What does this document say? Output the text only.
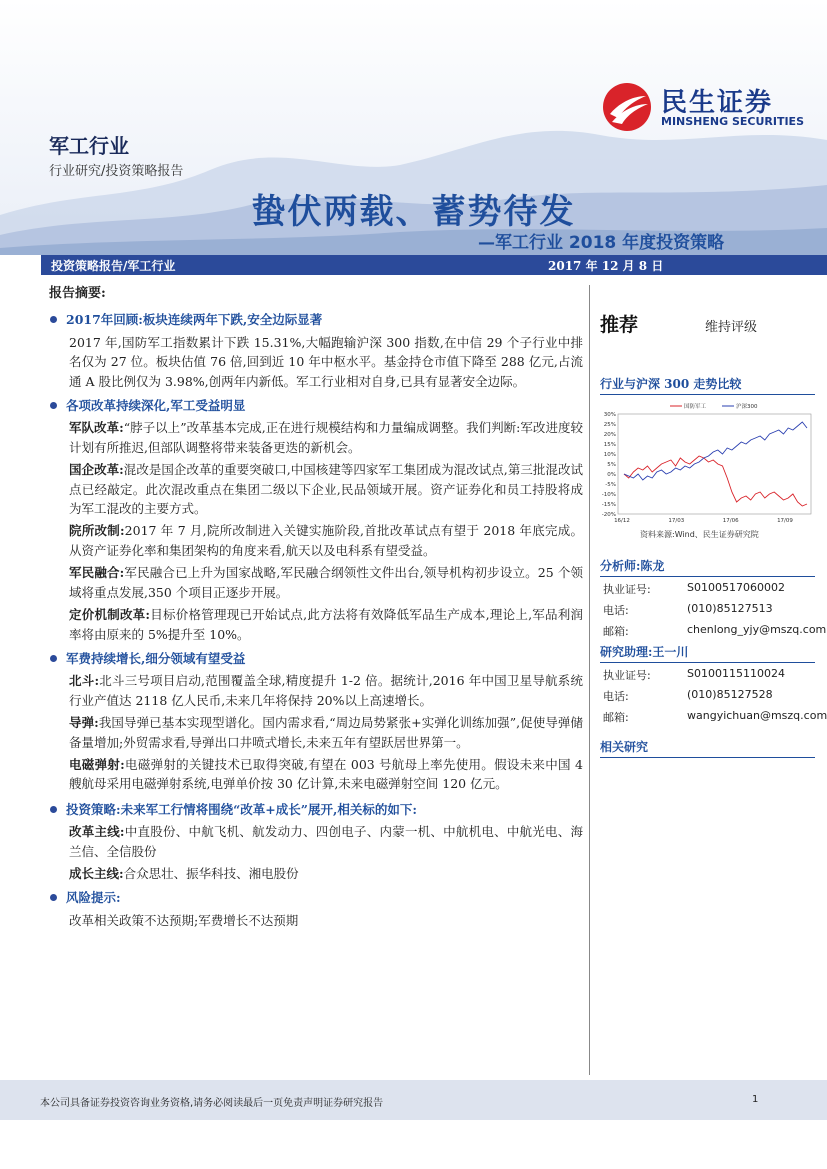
民生证券
MINSHENG SECURITIES
军工行业
行业研究/投资策略报告
蛰伏两载、蓄势待发
—军工行业 2018 年度投资策略
投资策略报告/军工行业	2017 年 12 月 8 日
报告摘要:
2017年回顾:板块连续两年下跌,安全边际显著
2017 年,国防军工指数累计下跌 15.31%,大幅跑输沪深 300 指数,在中信 29 个子行业中排名仅为 27 位。板块估值 76 倍,回到近 10 年中枢水平。基金持仓市值下降至 288 亿元,占流通 A 股比例仅为 3.98%,创两年内新低。军工行业相对自身,已具有显著安全边际。
各项改革持续深化,军工受益明显
军队改革:“脖子以上”改革基本完成,正在进行规模结构和力量编成调整。我们判断:军改进度较计划有所推迟,但部队调整将带来装备更迭的新机会。
国企改革:混改是国企改革的重要突破口,中国核建等四家军工集团成为混改试点,第三批混改试点已经敲定。此次混改重点在集团二级以下企业,民品领域开展。资产证券化和员工持股将成为军工混改的主要方式。
院所改制:2017 年 7 月,院所改制进入关键实施阶段,首批改革试点有望于 2018 年底完成。从资产证券化率和集团架构的角度来看,航天以及电科系有望受益。
军民融合:军民融合已上升为国家战略,军民融合纲领性文件出台,领导机构初步设立。25 个领域将重点发展,350 个项目正逐步开展。
定价机制改革:目标价格管理现已开始试点,此方法将有效降低军品生产成本,理论上,军品利润率将由原来的 5%提升至 10%。
军费持续增长,细分领域有望受益
北斗:北斗三号项目启动,范围覆盖全球,精度提升 1-2 倍。据统计,2016 年中国卫星导航系统行业产值达 2118 亿人民币,未来几年将保持 20%以上高速增长。
导弹:我国导弹已基本实现型谱化。国内需求看,“周边局势紧张+实弹化训练加强”,促使导弹储备量增加;外贸需求看,导弹出口井喷式增长,未来五年有望跃居世界第一。
电磁弹射:电磁弹射的关键技术已取得突破,有望在 003 号航母上率先使用。假设未来中国 4 艘航母采用电磁弹射系统,电弹单价按 30 亿计算,未来电磁弹射空间 120 亿元。
投资策略:未来军工行情将围绕“改革+成长”展开,相关标的如下:
改革主线:中直股份、中航飞机、航发动力、四创电子、内蒙一机、中航机电、中航光电、海兰信、全信股份
成长主线:合众思壮、振华科技、湘电股份
风险提示:
改革相关政策不达预期;军费增长不达预期
推荐	维持评级
行业与沪深 300 走势比较
30%
25%
20%
15%
10%
5%
0%
-5%
-10%
-15%
-20%
16/12	17/03	17/06	17/09
国防军工	沪深300
资料来源:Wind、民生证券研究院
分析师:陈龙
执业证号:	S0100517060002
电话:	(010)85127513
邮箱:	chenlong_yjy@mszq.com
研究助理:王一川
执业证号:	S0100115110024
电话:	(010)85127528
邮箱:	wangyichuan@mszq.com
相关研究
本公司具备证券投资咨询业务资格,请务必阅读最后一页免责声明证券研究报告	1
